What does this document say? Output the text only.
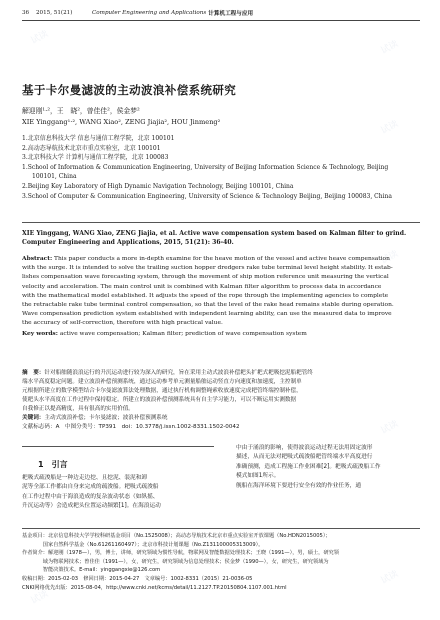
试读
试读
试读
试读
试读
试读
试读
36	2015, 51(21)	Computer Engineering and Applications 计算机工程与应用
基于卡尔曼滤波的主动波浪补偿系统研究
解迎刚¹·²，王　晓²，曾佳佳²，侯金梦²
XIE Yinggang¹·², WANG Xiao², ZENG Jiajia², HOU Jinmeng²
1.北京信息科技大学 信息与通信工程学院，北京 100101
2.高动态导航技术北京市重点实验室，北京 100101
3.北京科技大学 计算机与通信工程学院，北京 100083
1.School of Information & Communication Engineering, University of Beijing Information Science & Technology, Beijing
100101, China
2.Beijing Key Laboratory of High Dynamic Navigation Technology, Beijing 100101, China
3.School of Computer & Communication Engineering, University of Science & Technology Beijing, Beijing 100083, China
XIE Yinggang, WANG Xiao, ZENG Jiajia, et al. Active wave compensation system based on Kalman filter to grind.
Computer Engineering and Applications, 2015, 51(21): 36-40.
Abstract: This paper conducts a more in-depth examine for the heave motion of the vessel and active heave compensation
with the surge. It is intended to solve the trailing suction hopper dredgers rake tube terminal level height stability. It estab-
lishes compensation wave forecasting system, through the movement of ship motion reference unit measuring the vertical
velocity and acceleration. The main control unit is combined with Kalman filter algorithm to process data in accordance
with the mathematical model established. It adjusts the speed of the rope through the implementing agencies to complete
the retractable rake tube terminal control compensation, so that the level of the rake head remains stable during operation.
Wave compensation prediction system established with independent learning ability, can use the measured data to improve
the accuracy of self-correction, therefore with high practical value.
Key words: active wave compensation; Kalman filter; prediction of wave compensation system
摘　要：针对船舶随浪浪运行的升沉运动进行较为深入的研究，旨在采用主动式波浪补偿耙头扩耙式耙吸挖泥船耙管终
端水平高度稳定问题。建立波浪补偿预测系统，通过运动参考单元测量船舶运动竖直方向速度和加速度，主控制单
元根据所建立的数学模型结合卡尔曼滤波算法处理数据，通过执行机构调整绳索收放速度完成耙管终端控制补偿，
使耙头水平高度在工作过程中保持稳定。所建立的波浪补偿预测系统具有自主学习能力，可以不断运用实测数据
自我修正以提高精度，具有很高的实用价值。
关键词：主动式波浪补偿；卡尔曼滤波；波浪补偿预测系统
文献标志码：A　中图分类号：TP391　doi：10.3778/j.issn.1002-8331.1502-0042
1　引言
耙吸式疏浚船是一种边走边挖、且挖泥、装泥和卸
泥等全部工作都由自身来完成的疏浚船。耙吸式疏浚船
在工作过程中由于海浪造成的复杂波动状态（如纵摇、
升沉运动等）会造成耙头位置运动频繁[1]。在海浪运动
中由于涌浪的影响，使得波浪运动过程无法用固定波形
描述，从而无法对耙吸式疏浚船耙管终端水平高度进行
准确预测，造成工程施工作业困难[2]。耙吸式疏浚船工作
模式如图1所示。
舰船在海洋环境下要进行安全有效的作业任务，通
基金项目：北京信息科技大学学校科研基金项目（No.1525008）；高动态导航技术北京市重点实验室开放课题（No.HDN2015005）；
　　　　国家自然科学基金（No.61261160497）；北京市科技计划课题（No.Z131100005313009）。
作者简介：解迎刚（1978—），男，博士，讲师，研究领域为惯性导航，物联网及智能数据处理技术；王晓（1991—），男，硕士，研究领
　　　　域为物联网技术；曾佳佳（1991—），女，研究生，研究领域为信息处理技术；侯金梦（1990—），女，研究生，研究领域为
　　　　智能决策技术。E-mail：yinggangxie@126.com
收稿日期：2015-02-03　修回日期：2015-04-27　文章编号：1002-8331（2015）21-0036-05
CNKI网络优先出版：2015-08-04，http://www.cnki.net/kcms/detail/11.2127.TP.20150804.1107.001.html
